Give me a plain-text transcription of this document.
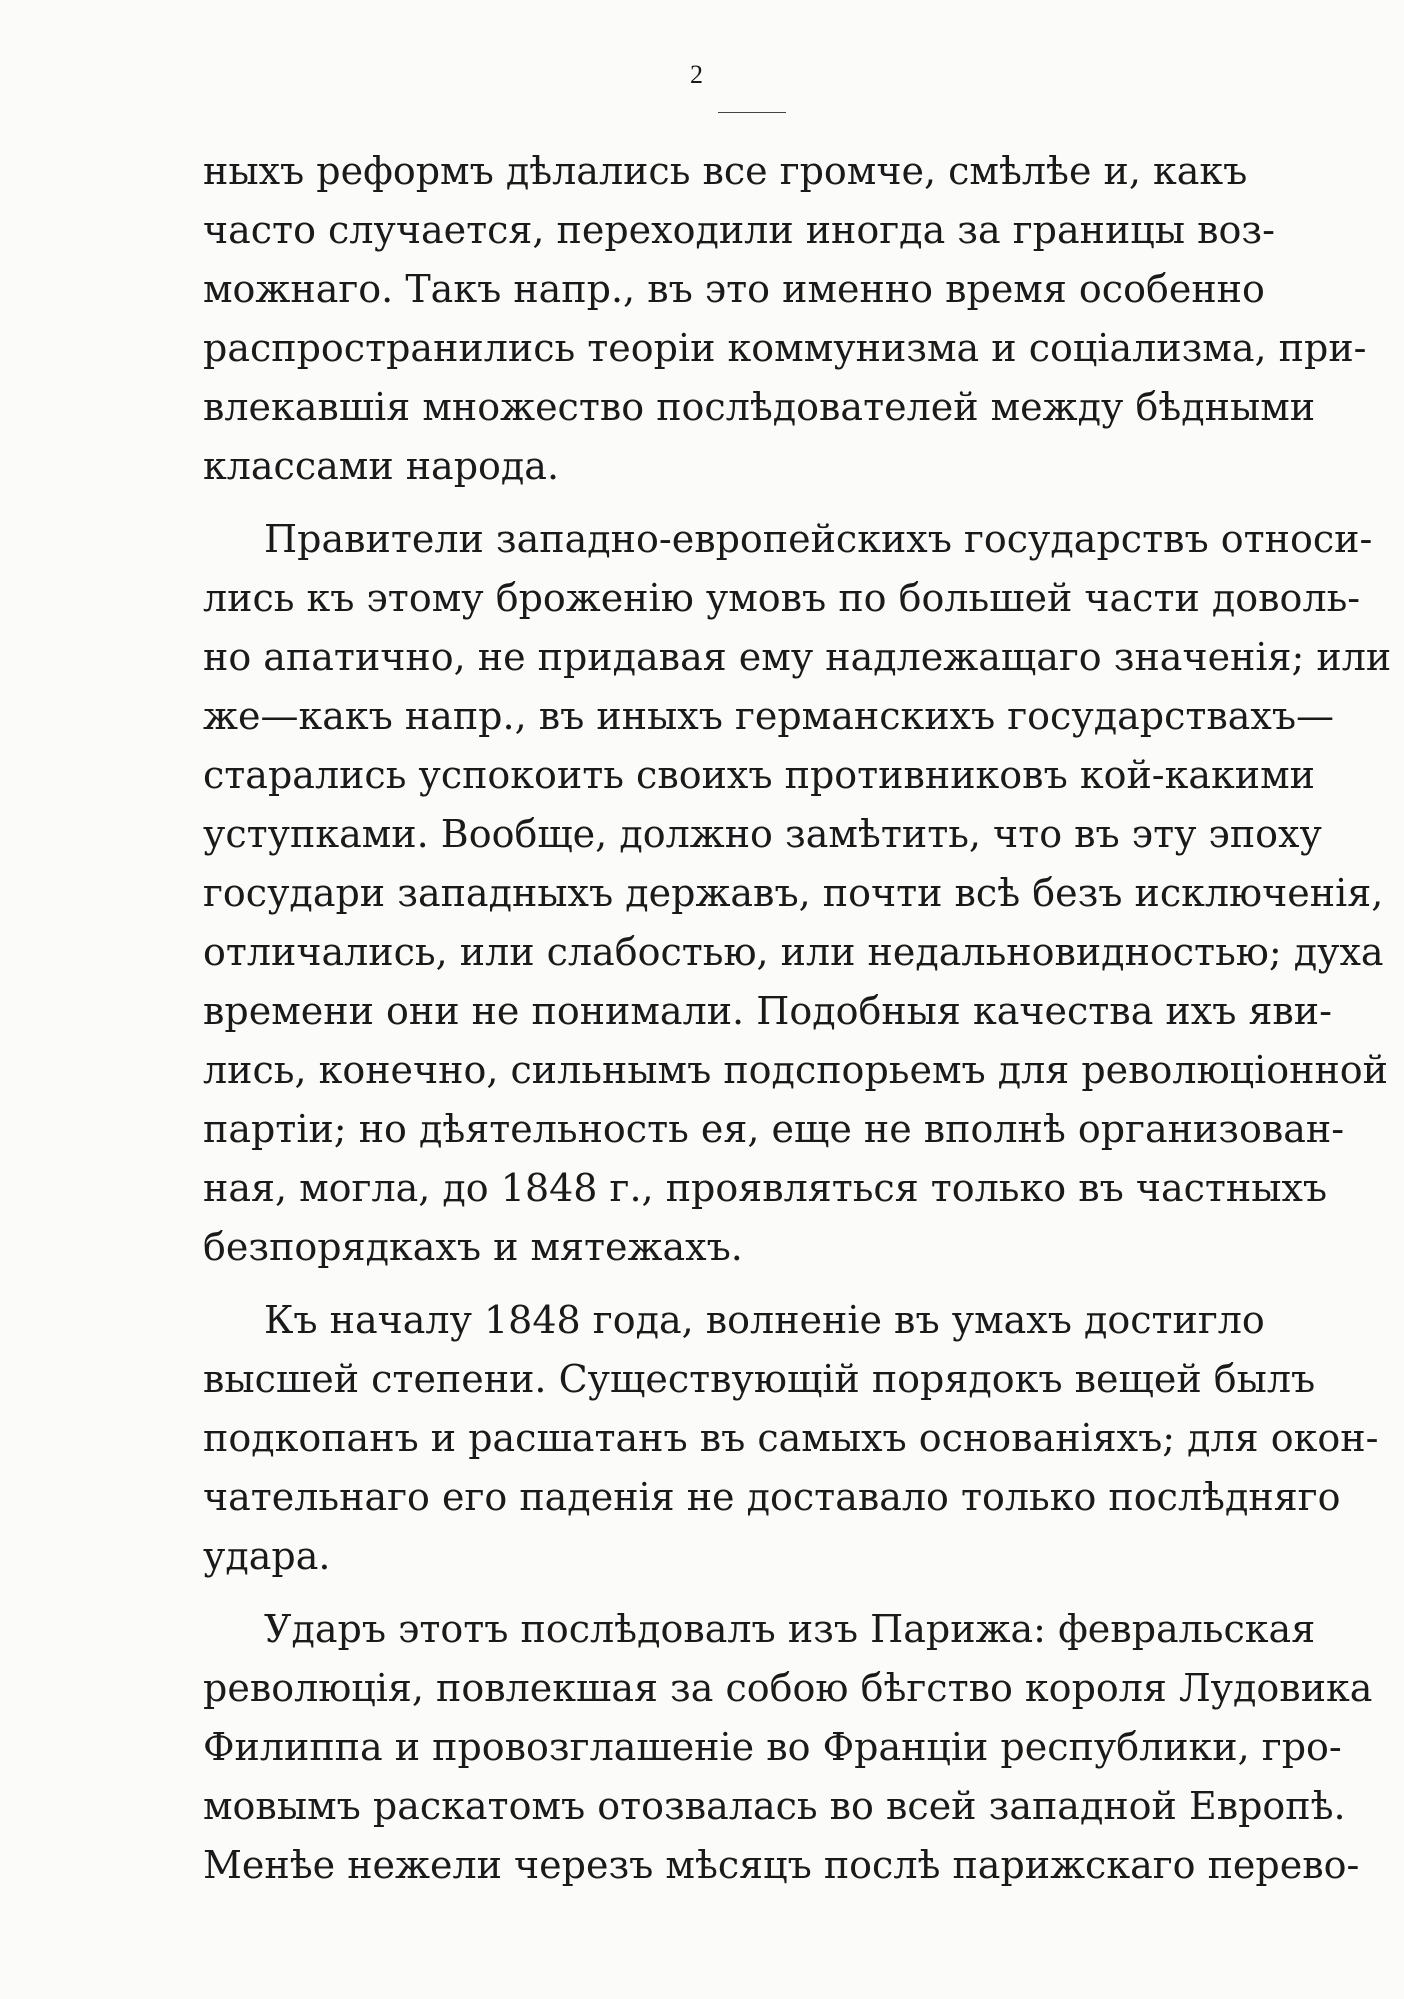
2
ныхъ реформъ дѣлались все громче, смѣлѣе и, какъ
часто случается, переходили иногда за границы воз-
можнаго. Такъ напр., въ это именно время особенно
распространились теорiи коммунизма и соцiализма, при-
влекавшiя множество послѣдователей между бѣдными
классами народа.
Правители западно-европейскихъ государствъ относи-
лись къ этому броженiю умовъ по большей части доволь-
но апатично, не придавая ему надлежащаго значенiя; или
же—какъ напр., въ иныхъ германскихъ государствахъ—
старались успокоить своихъ противниковъ кой-какими
уступками. Вообще, должно замѣтить, что въ эту эпоху
государи западныхъ державъ, почти всѣ безъ исключенiя,
отличались, или слабостью, или недальновидностью; духа
времени они не понимали. Подобныя качества ихъ яви-
лись, конечно, сильнымъ подспорьемъ для революцiонной
партiи; но дѣятельность ея, еще не вполнѣ организован-
ная, могла, до 1848 г., проявляться только въ частныхъ
безпорядкахъ и мятежахъ.
Къ началу 1848 года, волненiе въ умахъ достигло
высшей степени. Существующiй порядокъ вещей былъ
подкопанъ и расшатанъ въ самыхъ основанiяхъ; для окон-
чательнаго его паденiя не доставало только послѣдняго
удара.
Ударъ этотъ послѣдовалъ изъ Парижа: февральская
революцiя, повлекшая за собою бѣгство короля Лудовика
Филиппа и провозглашенiе во Францiи республики, гро-
мовымъ раскатомъ отозвалась во всей западной Европѣ.
Менѣе нежели черезъ мѣсяцъ послѣ парижскаго перево-
